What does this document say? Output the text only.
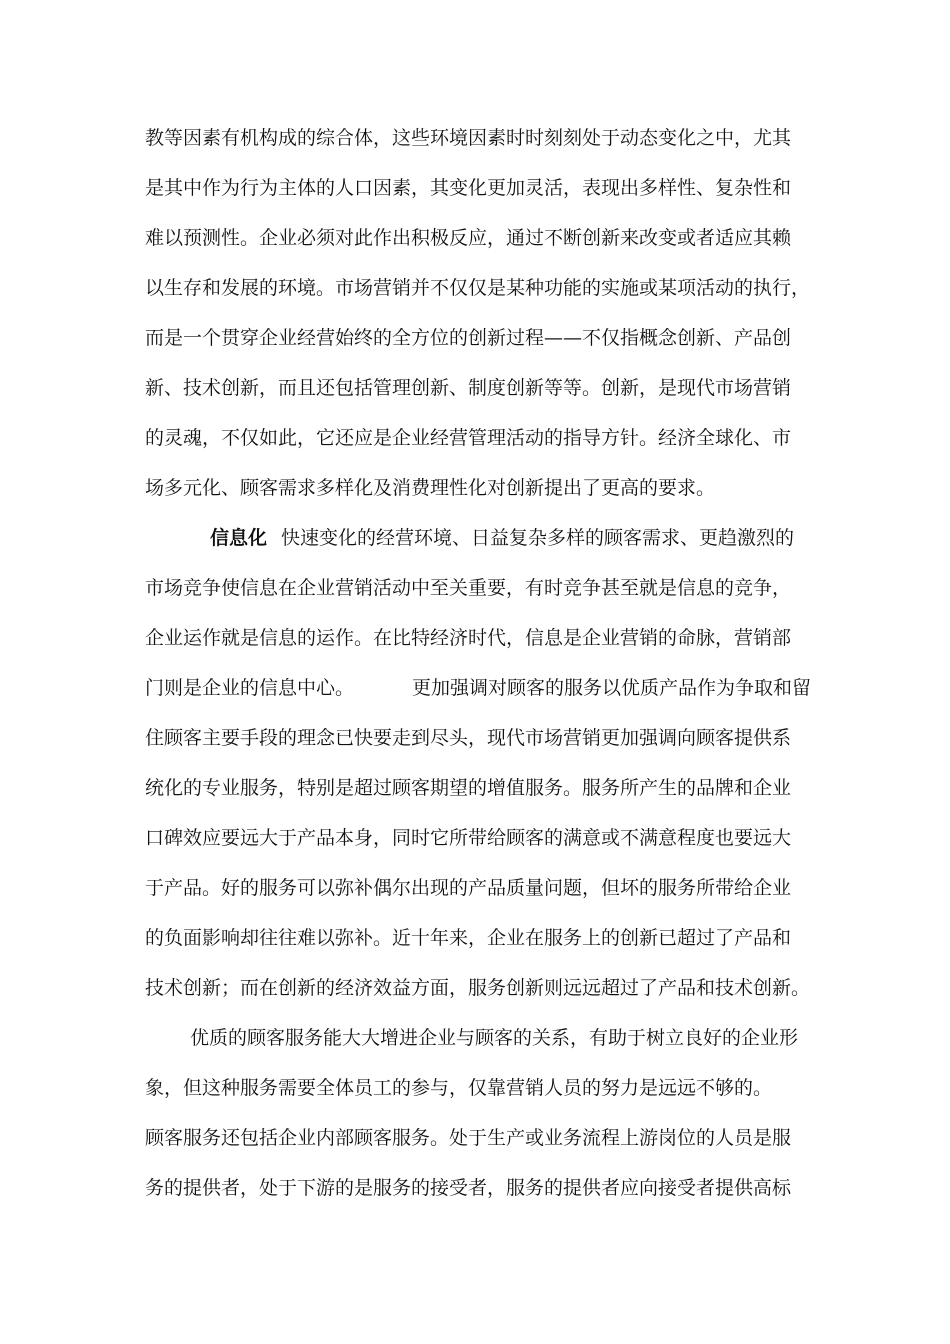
教等因素有机构成的综合体，这些环境因素时时刻刻处于动态变化之中，尤其
是其中作为行为主体的人口因素，其变化更加灵活，表现出多样性、复杂性和
难以预测性。企业必须对此作出积极反应，通过不断创新来改变或者适应其赖
以生存和发展的环境。市场营销并不仅仅是某种功能的实施或某项活动的执行，
而是一个贯穿企业经营始终的全方位的创新过程——不仅指概念创新、产品创
新、技术创新，而且还包括管理创新、制度创新等等。创新，是现代市场营销
的灵魂，不仅如此，它还应是企业经营管理活动的指导方针。经济全球化、市
场多元化、顾客需求多样化及消费理性化对创新提出了更高的要求。
信息化 快速变化的经营环境、日益复杂多样的顾客需求、更趋激烈的
市场竞争使信息在企业营销活动中至关重要，有时竞争甚至就是信息的竞争，
企业运作就是信息的运作。在比特经济时代，信息是企业营销的命脉，营销部
门则是企业的信息中心。	更加强调对顾客的服务以优质产品作为争取和留
住顾客主要手段的理念已快要走到尽头，现代市场营销更加强调向顾客提供系
统化的专业服务，特别是超过顾客期望的增值服务。服务所产生的品牌和企业
口碑效应要远大于产品本身，同时它所带给顾客的满意或不满意程度也要远大
于产品。好的服务可以弥补偶尔出现的产品质量问题，但坏的服务所带给企业
的负面影响却往往难以弥补。近十年来，企业在服务上的创新已超过了产品和
技术创新；而在创新的经济效益方面，服务创新则远远超过了产品和技术创新。
优质的顾客服务能大大增进企业与顾客的关系，有助于树立良好的企业形
象，但这种服务需要全体员工的参与，仅靠营销人员的努力是远远不够的。
顾客服务还包括企业内部顾客服务。处于生产或业务流程上游岗位的人员是服
务的提供者，处于下游的是服务的接受者，服务的提供者应向接受者提供高标
